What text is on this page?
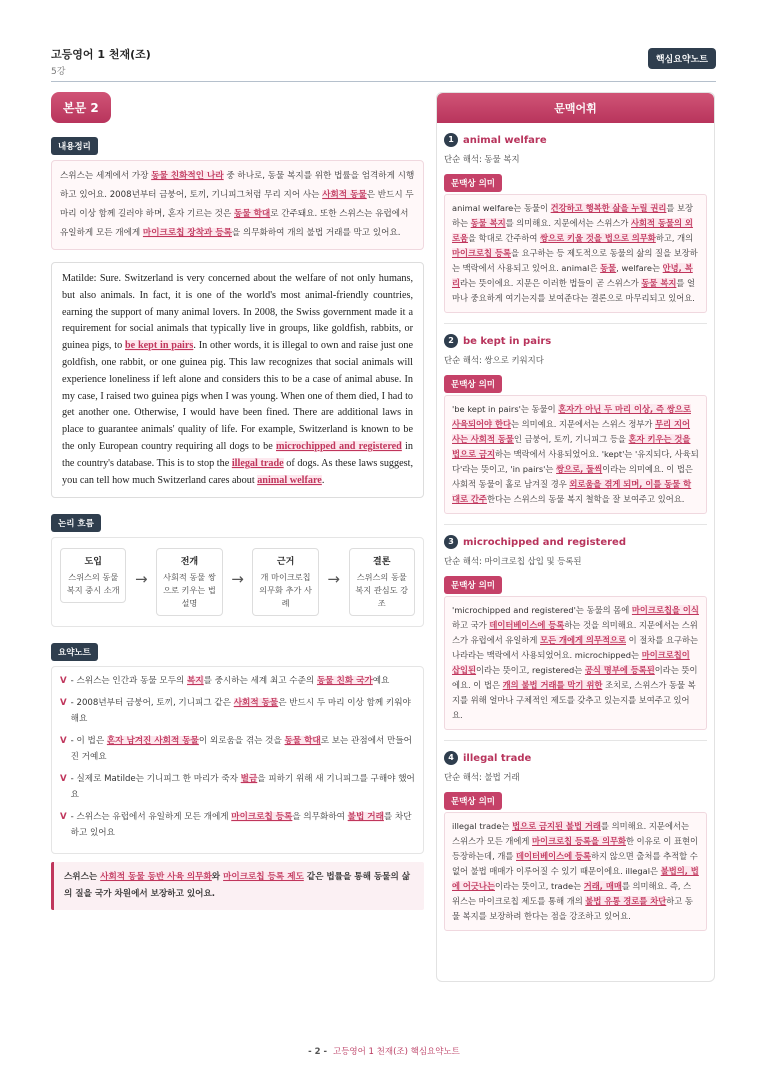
고등영어 1 천재(조)
5강
핵심요약노트
본문 2
내용정리
스위스는 세계에서 가장 동물 친화적인 나라 중 하나로, 동물 복지를 위한 법률을 엄격하게 시행하고 있어요. 2008년부터 금붕어, 토끼, 기니피그처럼 무리 지어 사는 사회적 동물은 반드시 두 마리 이상 함께 길러야 하며, 혼자 기르는 것은 동물 학대로 간주돼요. 또한 스위스는 유럽에서 유일하게 모든 개에게 마이크로칩 장착과 등록을 의무화하여 개의 불법 거래를 막고 있어요.
Matilde: Sure. Switzerland is very concerned about the welfare of not only humans, but also animals. In fact, it is one of the world's most animal-friendly countries, earning the support of many animal lovers. In 2008, the Swiss government made it a requirement for social animals that typically live in groups, like goldfish, rabbits, or guinea pigs, to be kept in pairs. In other words, it is illegal to own and raise just one goldfish, one rabbit, or one guinea pig. This law recognizes that social animals will experience loneliness if left alone and considers this to be a case of animal abuse. In my case, I raised two guinea pigs when I was young. When one of them died, I had to get another one. Otherwise, I would have been fined. There are additional laws in place to guarantee animals' quality of life. For example, Switzerland is known to be the only European country requiring all dogs to be microchipped and registered in the country's database. This is to stop the illegal trade of dogs. As these laws suggest, you can tell how much Switzerland cares about animal welfare.
논리 흐름
도입
스위스의 동물 복지 중시 소개
→
전개
사회적 동물 쌍으로 키우는 법 설명
→
근거
개 마이크로칩 의무화 추가 사례
→
결론
스위스의 동물 복지 관심도 강조
요약노트
V - 스위스는 인간과 동물 모두의 복지를 중시하는 세계 최고 수준의 동물 친화 국가예요
V - 2008년부터 금붕어, 토끼, 기니피그 같은 사회적 동물은 반드시 두 마리 이상 함께 키워야 해요
V - 이 법은 혼자 남겨진 사회적 동물이 외로움을 겪는 것을 동물 학대로 보는 관점에서 만들어진 거예요
V - 실제로 Matilde는 기니피그 한 마리가 죽자 벌금을 피하기 위해 새 기니피그를 구해야 했어요
V - 스위스는 유럽에서 유일하게 모든 개에게 마이크로칩 등록을 의무화하여 불법 거래를 차단하고 있어요
스위스는 사회적 동물 동반 사육 의무화와 마이크로칩 등록 제도 같은 법률을 통해 동물의 삶의 질을 국가 차원에서 보장하고 있어요.
문맥어휘
1 animal welfare
단순 해석: 동물 복지
문맥상 의미
animal welfare는 동물이 건강하고 행복한 삶을 누릴 권리를 보장하는 동물 복지를 의미해요. 지문에서는 스위스가 사회적 동물의 외로움을 학대로 간주하여 쌍으로 키울 것을 법으로 의무화하고, 개의 마이크로칩 등록을 요구하는 등 제도적으로 동물의 삶의 질을 보장하는 맥락에서 사용되고 있어요. animal은 동물, welfare는 안녕, 복리라는 뜻이에요. 지문은 이러한 법들이 곧 스위스가 동물 복지를 얼마나 중요하게 여기는지를 보여준다는 결론으로 마무리되고 있어요.
2 be kept in pairs
단순 해석: 쌍으로 키워지다
문맥상 의미
'be kept in pairs'는 동물이 혼자가 아닌 두 마리 이상, 즉 쌍으로 사육되어야 한다는 의미예요. 지문에서는 스위스 정부가 무리 지어 사는 사회적 동물인 금붕어, 토끼, 기니피그 등을 혼자 키우는 것을 법으로 금지하는 맥락에서 사용되었어요. 'kept'는 '유지되다, 사육되다'라는 뜻이고, 'in pairs'는 쌍으로, 둘씩이라는 의미예요. 이 법은 사회적 동물이 홀로 남겨질 경우 외로움을 겪게 되며, 이를 동물 학대로 간주한다는 스위스의 동물 복지 철학을 잘 보여주고 있어요.
3 microchipped and registered
단순 해석: 마이크로칩 삽입 및 등록된
문맥상 의미
'microchipped and registered'는 동물의 몸에 마이크로칩을 이식하고 국가 데이터베이스에 등록하는 것을 의미해요. 지문에서는 스위스가 유럽에서 유일하게 모든 개에게 의무적으로 이 절차를 요구하는 나라라는 맥락에서 사용되었어요. microchipped는 마이크로칩이 삽입된이라는 뜻이고, registered는 공식 명부에 등록된이라는 뜻이에요. 이 법은 개의 불법 거래를 막기 위한 조치로, 스위스가 동물 복지를 위해 얼마나 구체적인 제도를 갖추고 있는지를 보여주고 있어요.
4 illegal trade
단순 해석: 불법 거래
문맥상 의미
illegal trade는 법으로 금지된 불법 거래를 의미해요. 지문에서는 스위스가 모든 개에게 마이크로칩 등록을 의무화한 이유로 이 표현이 등장하는데, 개를 데이터베이스에 등록하지 않으면 출처를 추적할 수 없어 불법 매매가 이루어질 수 있기 때문이에요. illegal은 불법의, 법에 어긋나는이라는 뜻이고, trade는 거래, 매매를 의미해요. 즉, 스위스는 마이크로칩 제도를 통해 개의 불법 유통 경로를 차단하고 동물 복지를 보장하려 한다는 점을 강조하고 있어요.
- 2 - 고등영어 1 천재(조) 핵심요약노트
